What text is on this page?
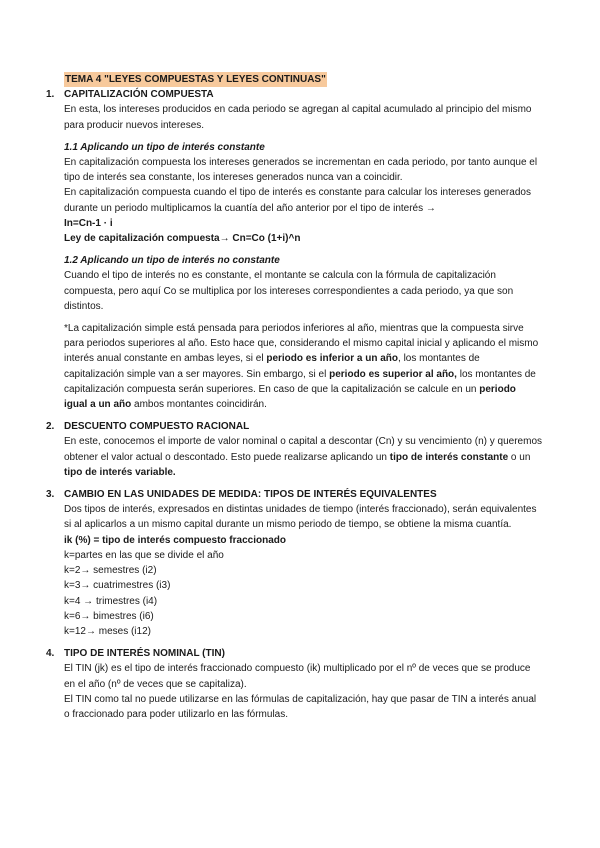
TEMA 4 "LEYES COMPUESTAS Y LEYES CONTINUAS"
1. CAPITALIZACIÓN COMPUESTA

En esta, los intereses producidos en cada periodo se agregan al capital acumulado al principio del mismo para producir nuevos intereses.

1.1 Aplicando un tipo de interés constante

En capitalización compuesta los intereses generados se incrementan en cada periodo, por tanto aunque el tipo de interés sea constante, los intereses generados nunca van a coincidir.

En capitalización compuesta cuando el tipo de interés es constante para calcular los intereses generados durante un periodo multiplicamos la cuantía del año anterior por el tipo de interés →

In=Cn-1 · i

Ley de capitalización compuesta→ Cn=Co (1+i)^n

1.2 Aplicando un tipo de interés no constante

Cuando el tipo de interés no es constante, el montante se calcula con la fórmula de capitalización compuesta, pero aquí Co se multiplica por los intereses correspondientes a cada periodo, ya que son distintos.

*La capitalización simple está pensada para periodos inferiores al año, mientras que la compuesta sirve para periodos superiores al año. Esto hace que, considerando el mismo capital inicial y aplicando el mismo interés anual constante en ambas leyes, si el periodo es inferior a un año, los montantes de capitalización simple van a ser mayores. Sin embargo, si el periodo es superior al año, los montantes de capitalización compuesta serán superiores. En caso de que la capitalización se calcule en un periodo igual a un año ambos montantes coincidirán.

2. DESCUENTO COMPUESTO RACIONAL

En este, conocemos el importe de valor nominal o capital a descontar (Cn) y su vencimiento (n) y queremos obtener el valor actual o descontado. Esto puede realizarse aplicando un tipo de interés constante o un tipo de interés variable.

3. CAMBIO EN LAS UNIDADES DE MEDIDA: TIPOS DE INTERÉS EQUIVALENTES

Dos tipos de interés, expresados en distintas unidades de tiempo (interés fraccionado), serán equivalentes si al aplicarlos a un mismo capital durante un mismo periodo de tiempo, se obtiene la misma cuantía.

ik (%) = tipo de interés compuesto fraccionado

k=partes en las que se divide el año

k=2→ semestres (i2)

k=3→ cuatrimestres (i3)

k=4 → trimestres (i4)

k=6→ bimestres (i6)

k=12→ meses (i12)

4. TIPO DE INTERÉS NOMINAL (TIN)

El TIN (jk) es el tipo de interés fraccionado compuesto (ik) multiplicado por el nº de veces que se produce en el año (nº de veces que se capitaliza).

El TIN como tal no puede utilizarse en las fórmulas de capitalización, hay que pasar de TIN a interés anual o fraccionado para poder utilizarlo en las fórmulas.
